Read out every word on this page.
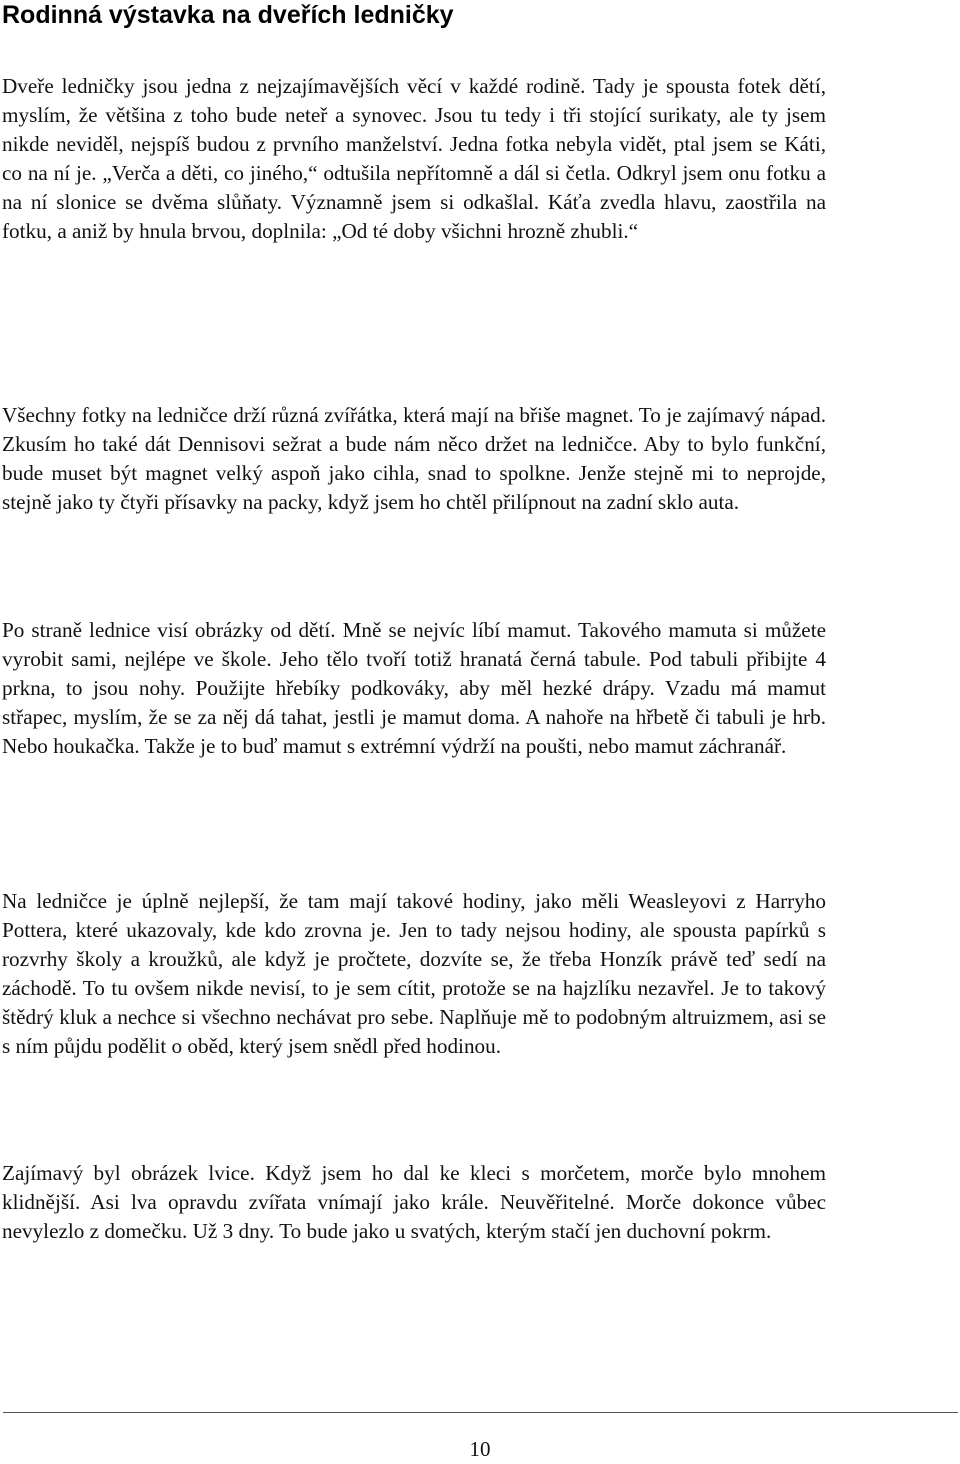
Rodinná výstavka na dveřích ledničky

Dveře ledničky jsou jedna z nejzajímavějších věcí v každé rodině. Tady je spousta fotek dětí, myslím, že většina z toho bude neteř a synovec. Jsou tu tedy i tři stojící surikaty, ale ty jsem nikde neviděl, nejspíš budou z prvního manželství. Jedna fotka nebyla vidět, ptal jsem se Káti, co na ní je. „Verča a děti, co jiného,“ odtušila nepřítomně a dál si četla. Odkryl jsem onu fotku a na ní slonice se dvěma slůňaty. Významně jsem si odkašlal. Káťa zvedla hlavu, zaostřila na fotku, a aniž by hnula brvou, doplnila: „Od té doby všichni hrozně zhubli.“

Všechny fotky na ledničce drží různá zvířátka, která mají na břiše magnet. To je zajímavý nápad. Zkusím ho také dát Dennisovi sežrat a bude nám něco držet na ledničce. Aby to bylo funkční, bude muset být magnet velký aspoň jako cihla, snad to spolkne. Jenže stejně mi to neprojde, stejně jako ty čtyři přísavky na packy, když jsem ho chtěl přilípnout na zadní sklo auta.

Po straně lednice visí obrázky od dětí. Mně se nejvíc líbí mamut. Takového mamuta si můžete vyrobit sami, nejlépe ve škole. Jeho tělo tvoří totiž hranatá černá tabule. Pod tabuli přibijte 4 prkna, to jsou nohy. Použijte hřebíky podkováky, aby měl hezké drápy. Vzadu má mamut střapec, myslím, že se za něj dá tahat, jestli je mamut doma. A nahoře na hřbetě či tabuli je hrb. Nebo houkačka. Takže je to buď mamut s extrémní výdrží na poušti, nebo mamut záchranář.

Na ledničce je úplně nejlepší, že tam mají takové hodiny, jako měli Weasleyovi z Harryho Pottera, které ukazovaly, kde kdo zrovna je. Jen to tady nejsou hodiny, ale spousta papírků s rozvrhy školy a kroužků, ale když je pročtete, dozvíte se, že třeba Honzík právě teď sedí na záchodě. To tu ovšem nikde nevisí, to je sem cítit, protože se na hajzlíku nezavřel. Je to takový štědrý kluk a nechce si všechno nechávat pro sebe. Naplňuje mě to podobným altruizmem, asi se s ním půjdu podělit o oběd, který jsem snědl před hodinou.

Zajímavý byl obrázek lvice. Když jsem ho dal ke kleci s morčetem, morče bylo mnohem klidnější. Asi lva opravdu zvířata vnímají jako krále. Neuvěřitelné. Morče dokonce vůbec nevylezlo z domečku. Už 3 dny. To bude jako u svatých, kterým stačí jen duchovní pokrm.

10
